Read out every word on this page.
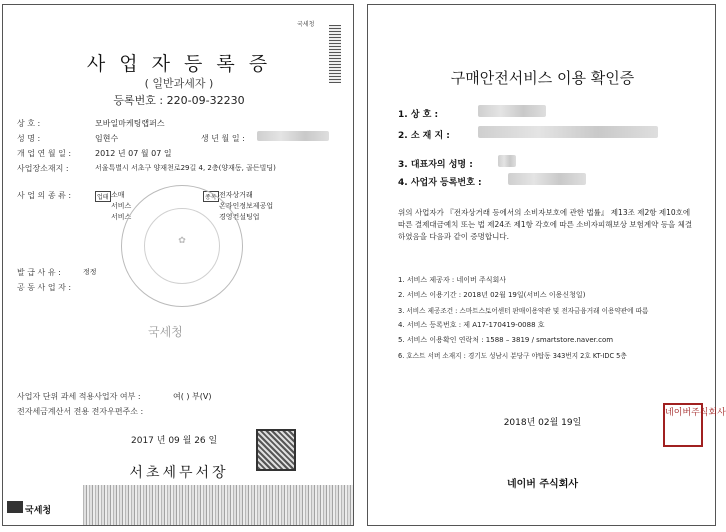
국세청
사 업 자 등 록 증
( 일반과세자 )
등록번호 : 220-09-32230
상 호 :	모바일마케팅랩퍼스
성 명 :	임현수	생 년 월 일 :
개 업 연 월 일 :	2012 년 07 월 07 일
사업장소재지 :	서울특별시 서초구 양재천로29길 4, 2층(양재동, 골든빌딩)
사 업 의 종 류 :	업태 소매
서비스
서비스
종목 전자상거래
온라인정보제공업
경영컨설팅업
✿
국세청
발 급 사 유 :	정정
공 동 사 업 자 :
사업자 단위 과세 적용사업자 여부 :	여( ) 부(V)
전자세금계산서 전용 전자우편주소 :
2017 년 09 월 26 일
서초세무서장
국세청
구매안전서비스 이용 확인증
1. 상 호 :
2. 소 재 지 :
3. 대표자의 성명 :
4. 사업자 등록번호 :
위의 사업자가 『전자상거래 등에서의 소비자보호에 관한 법률』 제13조 제2항 제10호에 따른 결제대금예치 또는 법 제24조 제1항 각호에 따른 소비자피해보상 보험계약 등을 체결하였음을 다음과 같이 증명합니다.
1. 서비스 제공자 : 네이버 주식회사
2. 서비스 이용기간 : 2018년 02월 19일(서비스 이용신청일)
3. 서비스 제공조건 : 스마트스토어센터 판매이용약관 및 전자금융거래 이용약관에 따름
4. 서비스 등록번호 : 제 A17-170419-0088 호
5. 서비스 이용확인 연락처 : 1588 – 3819 / smartstore.naver.com
6. 호스트 서버 소재지 : 경기도 성남시 분당구 야탑동 343번지 2호 KT-IDC 5층
2018년 02월 19일
네이버주식회사
네이버 주식회사
